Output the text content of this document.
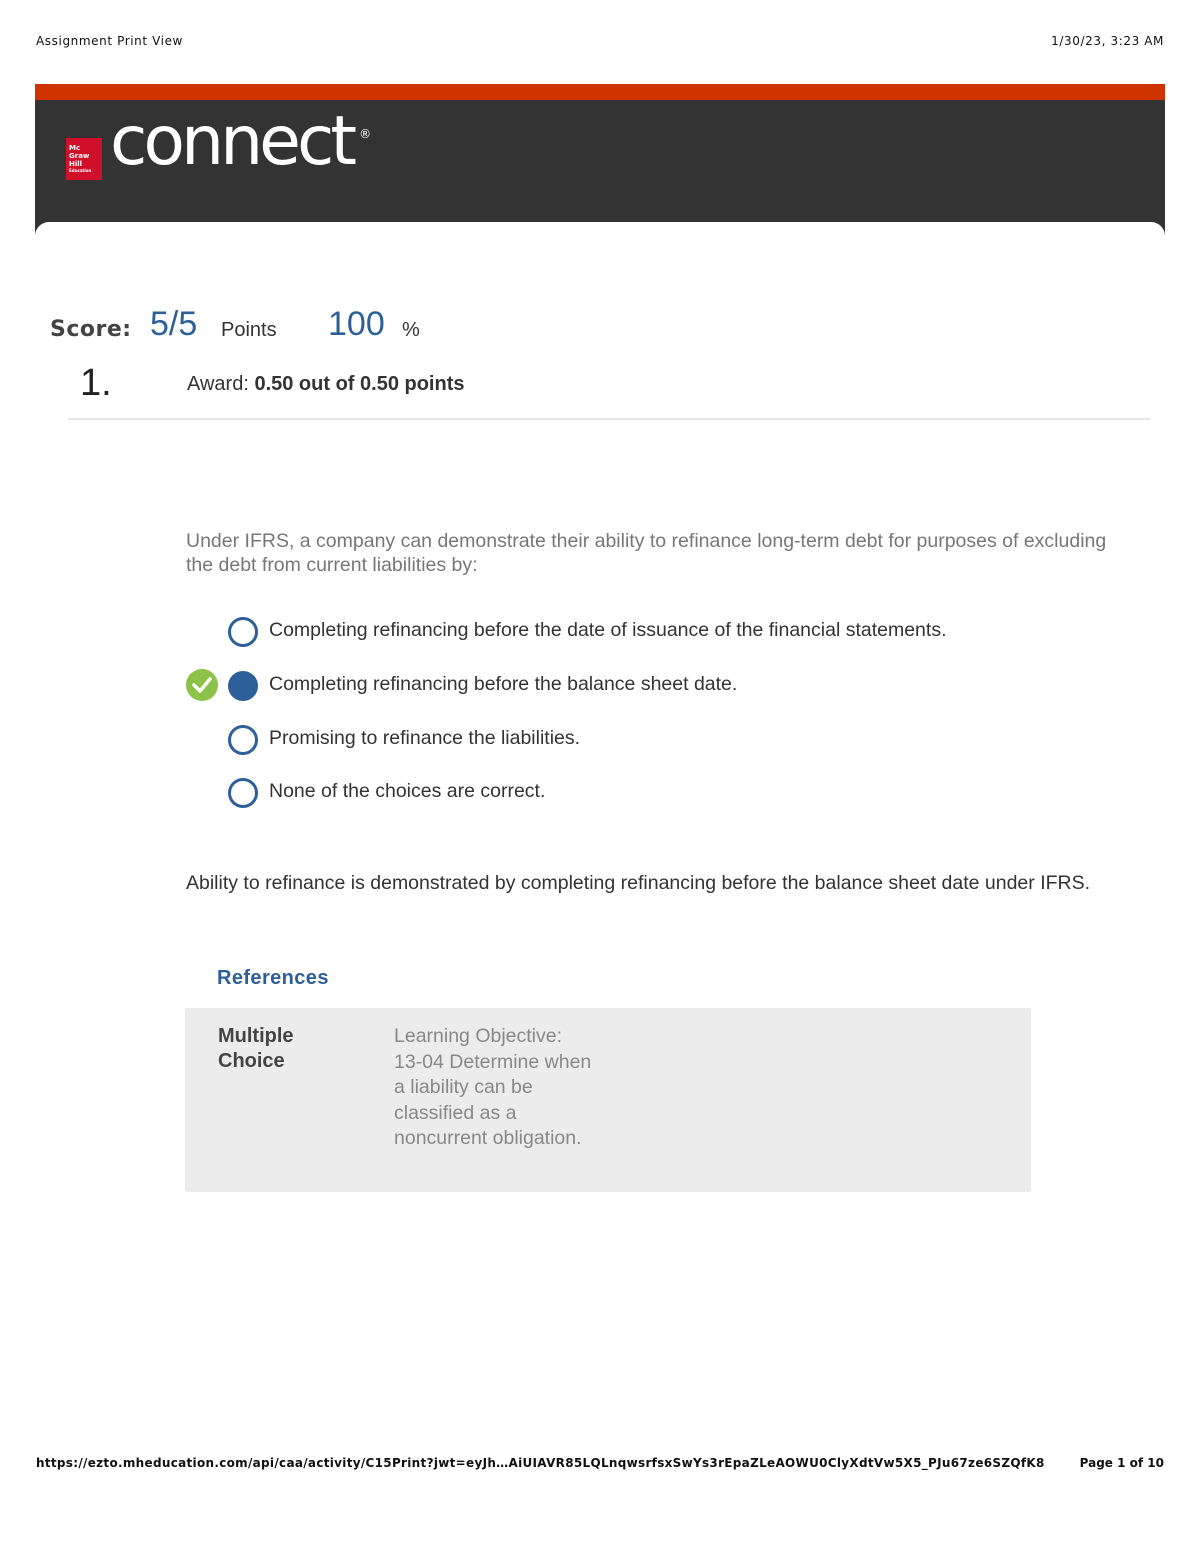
Assignment Print View	1/30/23, 3:23 AM
Mc
Graw
Hill
Education connect ®
Score: 5/5 Points 100 %
1.	Award: 0.50 out of 0.50 points
Under IFRS, a company can demonstrate their ability to refinance long-term debt for purposes of excluding the debt from current liabilities by:
Completing refinancing before the date of issuance of the financial statements.
Completing refinancing before the balance sheet date.
Promising to refinance the liabilities.
None of the choices are correct.
Ability to refinance is demonstrated by completing refinancing before the balance sheet date under IFRS.
References
Multiple Choice
Learning Objective: 13-04 Determine when a liability can be classified as a noncurrent obligation.
https://ezto.mheducation.com/api/caa/activity/C15Print?jwt=eyJh…AiUIAVR85LQLnqwsrfsxSwYs3rEpaZLeAOWU0ClyXdtVw5X5_PJu67ze6SZQfK8	Page 1 of 10
